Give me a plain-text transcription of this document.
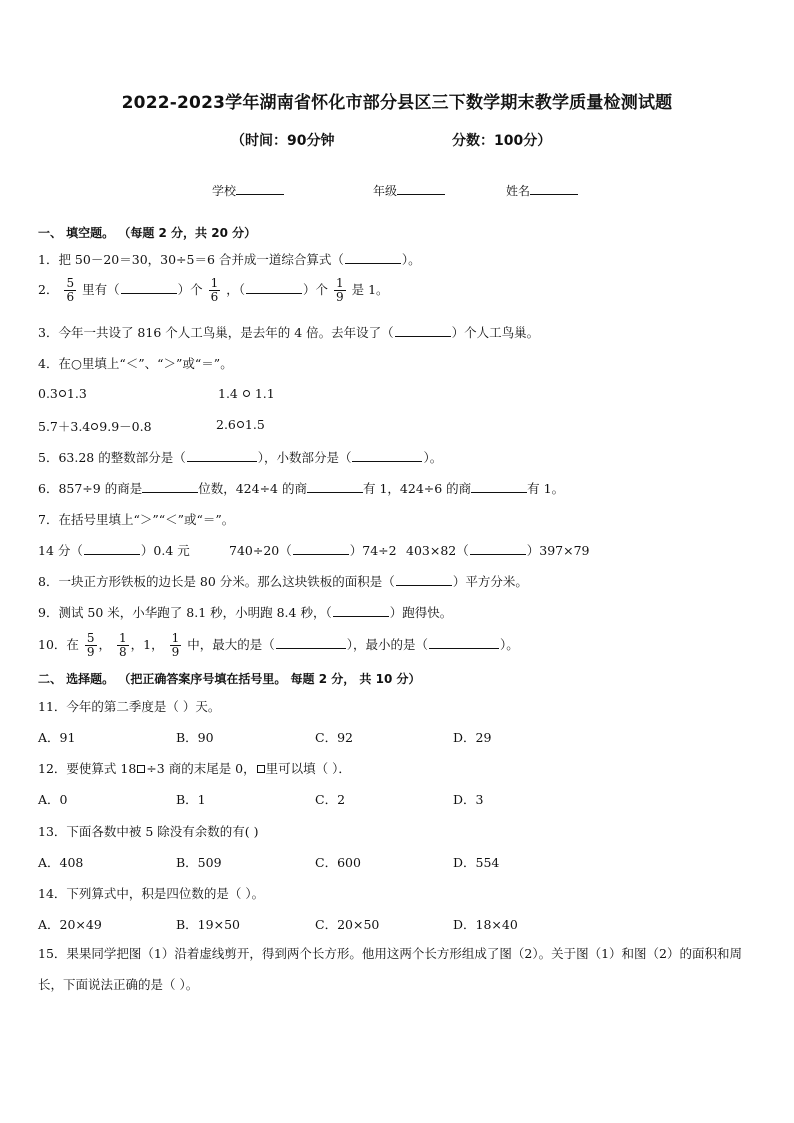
2022-2023学年湖南省怀化市部分县区三下数学期末教学质量检测试题
（时间：90分钟	分数：100分）
学校	年级	姓名
一、 填空题。 （每题 2 分，共 20 分）
1．把 50－20＝30，30÷5＝6 合并成一道综合算式（	）。
2． $\frac{5}{6}$ 里有（	）个 $\frac{1}{6}$ ，（	）个 $\frac{1}{9}$ 是 1。
3．今年一共设了 816 个人工鸟巢，是去年的 4 倍。去年设了（	）个人工鸟巢。
4．在○里填上“＜”、“＞”或“＝”。
0.3 1.3	1.4 1.1
5.7＋3.4 9.9－0.8	2.6 1.5
5．63.28 的整数部分是（	），小数部分是（	）。
6．857÷9 的商是	位数，424÷4 的商	有 1，424÷6 的商	有 1。
7．在括号里填上“＞”“＜”或“＝”。
14 分（	）0.4 元	740÷20（	）74÷2 403×82（	）397×79
8．一块正方形铁板的边长是 80 分米。那么这块铁板的面积是（	）平方分米。
9．测试 50 米，小华跑了 8.1 秒，小明跑 8.4 秒，（	）跑得快。
10．在 $\frac{5}{9}$ ， $\frac{1}{8}$ ，1， $\frac{1}{9}$ 中，最大的是（	），最小的是（	）。
二、 选择题。 （把正确答案序号填在括号里。 每题 2 分， 共 10 分）
11．今年的第二季度是（ ）天。
A．91	B．90	C．92	D．29
12．要使算式 18 ÷3 商的末尾是 0， 里可以填（ ）．
A．0	B．1	C．2	D．3
13．下面各数中被 5 除没有余数的有( )
A．408	B．509	C．600	D．554
14．下列算式中，积是四位数的是（ ）。
A．20×49	B．19×50	C．20×50	D．18×40
15．果果同学把图（1）沿着虚线剪开，得到两个长方形。他用这两个长方形组成了图（2）。关于图（1）和图（2）的面积和周长，下面说法正确的是（ ）。
